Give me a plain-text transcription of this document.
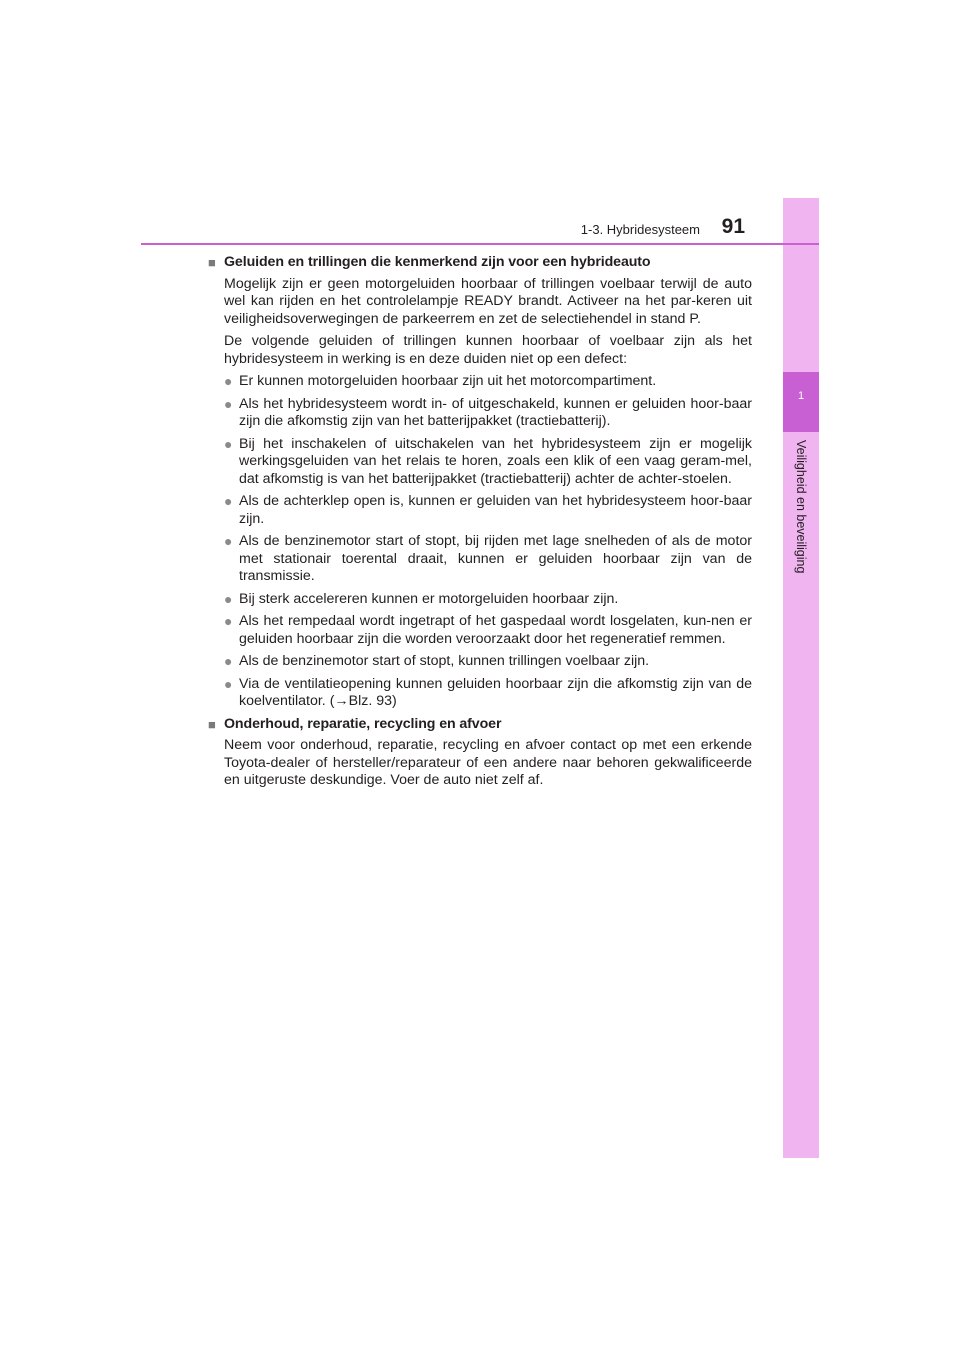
1
Veiligheid en beveiliging
1-3. Hybridesysteem	91
■ Geluiden en trillingen die kenmerkend zijn voor een hybrideauto

Mogelijk zijn er geen motorgeluiden hoorbaar of trillingen voelbaar terwijl de auto wel kan rijden en het controlelampje READY brandt. Activeer na het par-keren uit veiligheidsoverwegingen de parkeerrem en zet de selectiehendel in stand P.

De volgende geluiden of trillingen kunnen hoorbaar of voelbaar zijn als het hybridesysteem in werking is en deze duiden niet op een defect:

● Er kunnen motorgeluiden hoorbaar zijn uit het motorcompartiment.
● Als het hybridesysteem wordt in- of uitgeschakeld, kunnen er geluiden hoor-baar zijn die afkomstig zijn van het batterijpakket (tractiebatterij).
● Bij het inschakelen of uitschakelen van het hybridesysteem zijn er mogelijk werkingsgeluiden van het relais te horen, zoals een klik of een vaag geram-mel, dat afkomstig is van het batterijpakket (tractiebatterij) achter de achter-stoelen.
● Als de achterklep open is, kunnen er geluiden van het hybridesysteem hoor-baar zijn.
● Als de benzinemotor start of stopt, bij rijden met lage snelheden of als de motor met stationair toerental draait, kunnen er geluiden hoorbaar zijn van de transmissie.
● Bij sterk accelereren kunnen er motorgeluiden hoorbaar zijn.
● Als het rempedaal wordt ingetrapt of het gaspedaal wordt losgelaten, kun-nen er geluiden hoorbaar zijn die worden veroorzaakt door het regeneratief remmen.
● Als de benzinemotor start of stopt, kunnen trillingen voelbaar zijn.
● Via de ventilatieopening kunnen geluiden hoorbaar zijn die afkomstig zijn van de koelventilator. (→Blz. 93)
■ Onderhoud, reparatie, recycling en afvoer

Neem voor onderhoud, reparatie, recycling en afvoer contact op met een erkende Toyota-dealer of hersteller/reparateur of een andere naar behoren gekwalificeerde en uitgeruste deskundige. Voer de auto niet zelf af.
